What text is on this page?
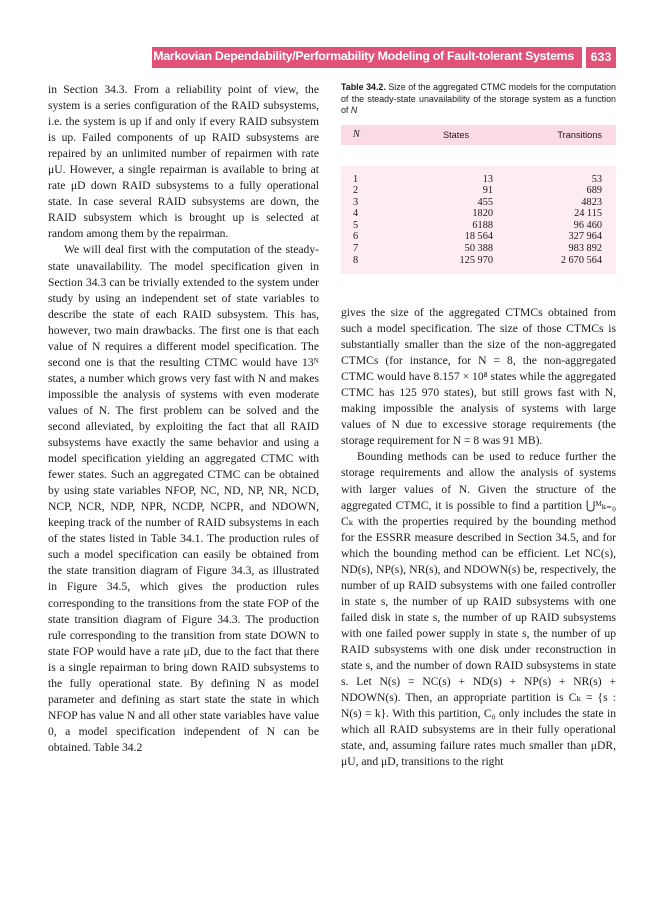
Markovian Dependability/Performability Modeling of Fault-tolerant Systems	633

in Section 34.3. From a reliability point of view, the system is a series configuration of the RAID subsystems, i.e. the system is up if and only if every RAID subsystem is up. Failed components of up RAID subsystems are repaired by an unlimited number of repairmen with rate μU. However, a single repairman is available to bring at rate μD down RAID subsystems to a fully operational state. In case several RAID subsystems are down, the RAID subsystem which is brought up is selected at random among them by the repairman.

We will deal first with the computation of the steady-state unavailability. The model specification given in Section 34.3 can be trivially extended to the system under study by using an independent set of state variables to describe the state of each RAID subsystem. This has, however, two main drawbacks. The first one is that each value of N requires a different model specification. The second one is that the resulting CTMC would have 13ᴺ states, a number which grows very fast with N and makes impossible the analysis of systems with even moderate values of N. The first problem can be solved and the second alleviated, by exploiting the fact that all RAID subsystems have exactly the same behavior and using a model specification yielding an aggregated CTMC with fewer states. Such an aggregated CTMC can be obtained by using state variables NFOP, NC, ND, NP, NR, NCD, NCP, NCR, NDP, NPR, NCDP, NCPR, and NDOWN, keeping track of the number of RAID subsystems in each of the states listed in Table 34.1. The production rules of such a model specification can easily be obtained from the state transition diagram of Figure 34.3, as illustrated in Figure 34.5, which gives the production rules corresponding to the transitions from the state FOP of the state transition diagram of Figure 34.3. The production rule corresponding to the transition from state DOWN to state FOP would have a rate μD, due to the fact that there is a single repairman to bring down RAID subsystems to the fully operational state. By defining N as model parameter and defining as start state the state in which NFOP has value N and all other state variables have value 0, a model specification independent of N can be obtained. Table 34.2

Table 34.2. Size of the aggregated CTMC models for the computation of the steady-state unavailability of the storage system as a function of N

N	States	Transitions

1	13	53
2	91	689
3	455	4823
4	1820	24 115
5	6188	96 460
6	18 564	327 964
7	50 388	983 892
8	125 970	2 670 564

gives the size of the aggregated CTMCs obtained from such a model specification. The size of those CTMCs is substantially smaller than the size of the non-aggregated CTMCs (for instance, for N = 8, the non-aggregated CTMC would have 8.157 × 10⁸ states while the aggregated CTMC has 125 970 states), but still grows fast with N, making impossible the analysis of systems with large values of N due to excessive storage requirements (the storage requirement for N = 8 was 91 MB).

Bounding methods can be used to reduce further the storage requirements and allow the analysis of systems with larger values of N. Given the structure of the aggregated CTMC, it is possible to find a partition ⋃ᴹₖ₌₀ Cₖ with the properties required by the bounding method for the ESSRR measure described in Section 34.5, and for which the bounding method can be efficient. Let NC(s), ND(s), NP(s), NR(s), and NDOWN(s) be, respectively, the number of up RAID subsystems with one failed controller in state s, the number of up RAID subsystems with one failed disk in state s, the number of up RAID subsystems with one failed power supply in state s, the number of up RAID subsystems with one disk under reconstruction in state s, and the number of down RAID subsystems in state s. Let N(s) = NC(s) + ND(s) + NP(s) + NR(s) + NDOWN(s). Then, an appropriate partition is Cₖ = {s : N(s) = k}. With this partition, C₀ only includes the state in which all RAID subsystems are in their fully operational state, and, assuming failure rates much smaller than μDR, μU, and μD, transitions to the right
